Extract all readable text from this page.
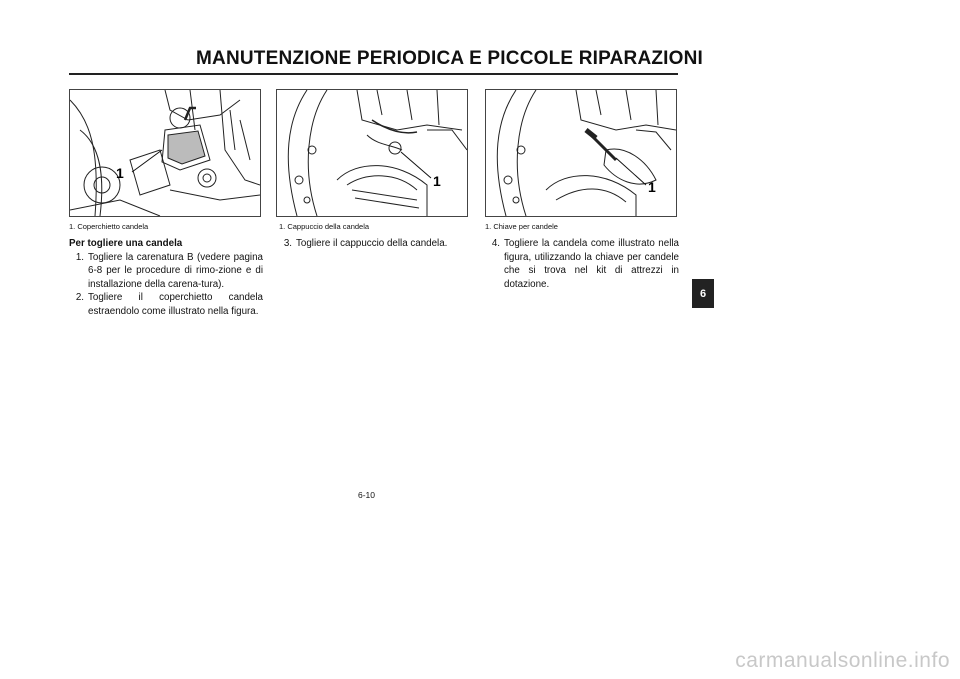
MANUTENZIONE PERIODICA E PICCOLE RIPARAZIONI
1
1. Coperchietto candela
1
1. Cappuccio della candela
1
1. Chiave per candele
Per togliere una candela
1. Togliere la carenatura B (vedere pagina 6-8 per le procedure di rimo-zione e di installazione della carena-tura).
2. Togliere il coperchietto candela estraendolo come illustrato nella figura.
3. Togliere il cappuccio della candela.	4. Togliere la candela come illustrato nella figura, utilizzando la chiave per candele che si trova nel kit di attrezzi in dotazione.
6-10
6
carmanualsonline.info
